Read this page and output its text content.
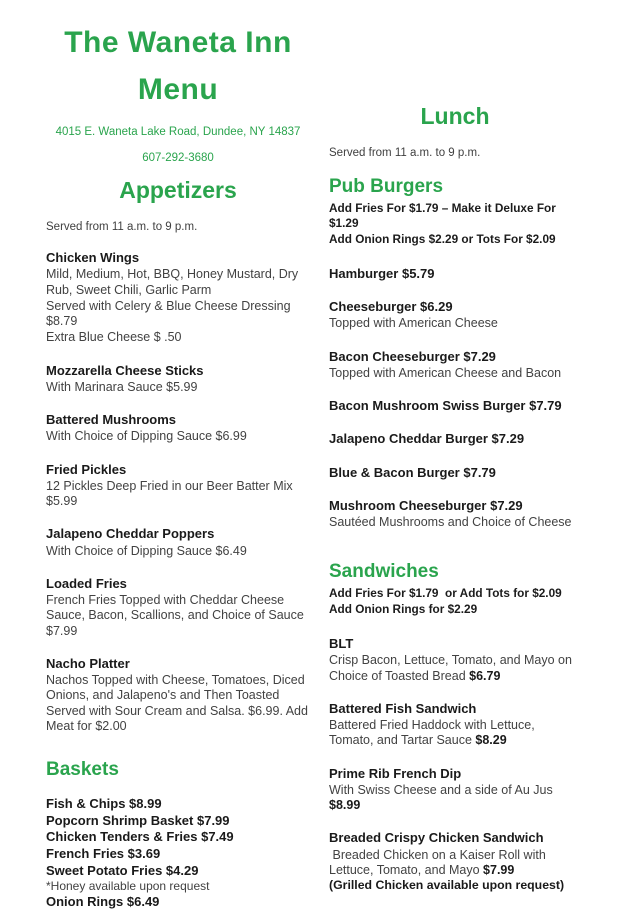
The Waneta Inn
Menu
4015 E. Waneta Lake Road, Dundee, NY 14837
607-292-3680
Appetizers
Served from 11 a.m. to 9 p.m.
Chicken Wings
Mild, Medium, Hot, BBQ, Honey Mustard, Dry Rub, Sweet Chili, Garlic Parm
Served with Celery & Blue Cheese Dressing $8.79
Extra Blue Cheese $ .50
Mozzarella Cheese Sticks
With Marinara Sauce $5.99
Battered Mushrooms
With Choice of Dipping Sauce $6.99
Fried Pickles
12 Pickles Deep Fried in our Beer Batter Mix $5.99
Jalapeno Cheddar Poppers
With Choice of Dipping Sauce $6.49
Loaded Fries
French Fries Topped with Cheddar Cheese Sauce, Bacon, Scallions, and Choice of Sauce $7.99
Nacho Platter
Nachos Topped with Cheese, Tomatoes, Diced Onions, and Jalapeno's and Then Toasted Served with Sour Cream and Salsa. $6.99. Add Meat for $2.00
Baskets
Fish & Chips $8.99
Popcorn Shrimp Basket $7.99
Chicken Tenders & Fries $7.49
French Fries $3.69
Sweet Potato Fries $4.29
*Honey available upon request
Onion Rings $6.49
Lunch
Served from 11 a.m. to 9 p.m.
Pub Burgers
Add Fries For $1.79 – Make it Deluxe For $1.29
Add Onion Rings $2.29 or Tots For $2.09
Hamburger $5.79
Cheeseburger $6.29
Topped with American Cheese
Bacon Cheeseburger $7.29
Topped with American Cheese and Bacon
Bacon Mushroom Swiss Burger $7.79
Jalapeno Cheddar Burger $7.29
Blue & Bacon Burger $7.79
Mushroom Cheeseburger $7.29
Sautéed Mushrooms and Choice of Cheese
Sandwiches
Add Fries For $1.79  or Add Tots for $2.09
Add Onion Rings for $2.29
BLT
Crisp Bacon, Lettuce, Tomato, and Mayo on Choice of Toasted Bread $6.79
Battered Fish Sandwich
Battered Fried Haddock with Lettuce, Tomato, and Tartar Sauce $8.29
Prime Rib French Dip
With Swiss Cheese and a side of Au Jus $8.99
Breaded Crispy Chicken Sandwich
Breaded Chicken on a Kaiser Roll with Lettuce, Tomato, and Mayo $7.99
(Grilled Chicken available upon request)
